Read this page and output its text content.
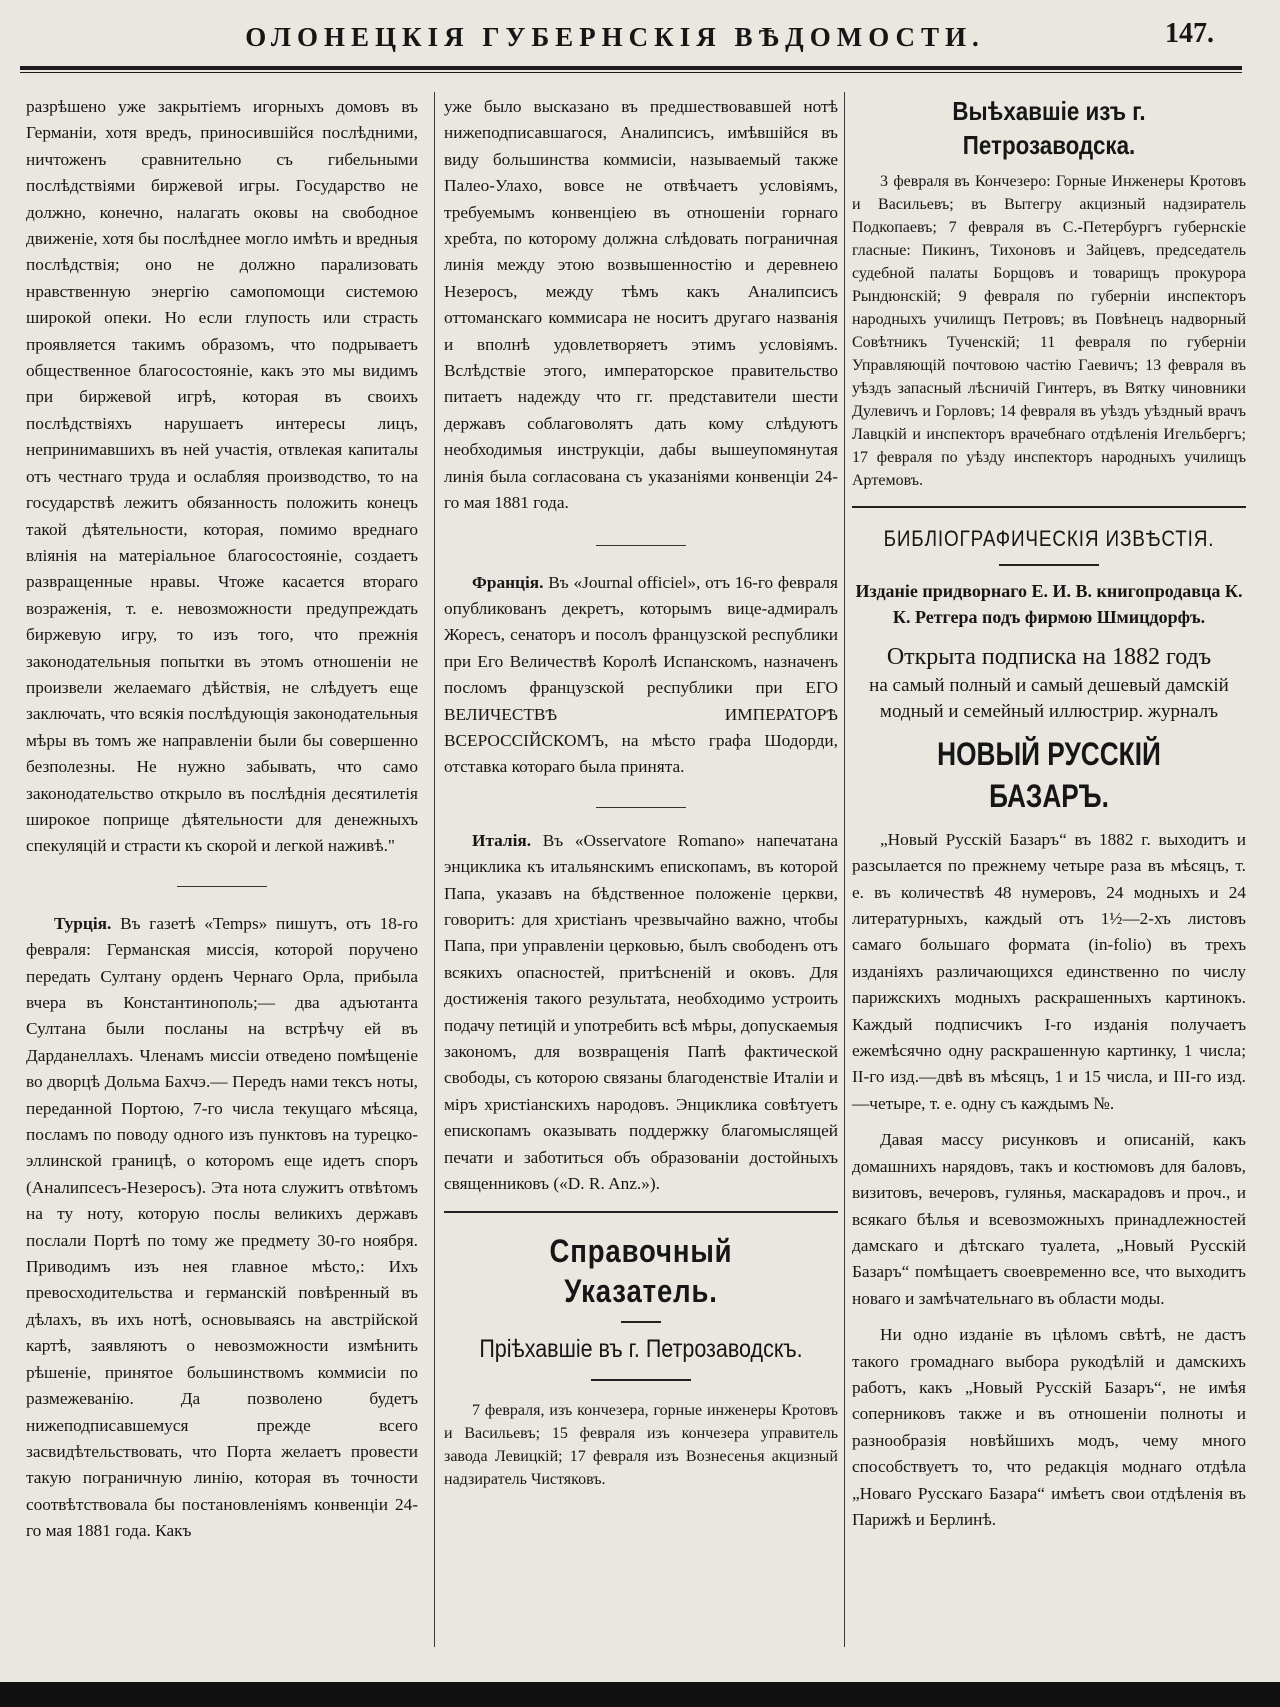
ОЛОНЕЦКІЯ ГУБЕРНСКІЯ ВѢДОМОСТИ.	147.

разрѣшено уже закрытіемъ игорныхъ домовъ въ Германіи, хотя вредъ, приносившійся послѣдними, ничтоженъ сравнительно съ гибельными послѣдствіями биржевой игры. Государство не должно, конечно, налагать оковы на свободное движеніе, хотя бы послѣднее могло имѣть и вредныя послѣдствія; оно не должно парализовать нравственную энергію самопомощи системою широкой опеки. Но если глупость или страсть проявляется такимъ образомъ, что подрываетъ общественное благосостояніе, какъ это мы видимъ при биржевой игрѣ, которая въ своихъ послѣдствіяхъ нарушаетъ интересы лицъ, непринимавшихъ въ ней участія, отвлекая капиталы отъ честнаго труда и ослабляя производство, то на государствѣ лежитъ обязанность положить конецъ такой дѣятельности, которая, помимо вреднаго вліянія на матеріальное благосостояніе, создаетъ развращенные нравы. Чтоже касается втораго возраженія, т. е. невозможности предупреждать биржевую игру, то изъ того, что прежнія законодательныя попытки въ этомъ отношеніи не произвели желаемаго дѣйствія, не слѣдуетъ еще заключать, что всякія послѣдующія законодательныя мѣры въ томъ же направленіи были бы совершенно безполезны. Не нужно забывать, что само законодательство открыло въ послѣднія десятилетія широкое поприще дѣятельности для денежныхъ спекуляцій и страсти къ скорой и легкой наживѣ."

Турція. Въ газетѣ «Temps» пишутъ, отъ 18-го февраля: Германская миссія, которой поручено передать Султану орденъ Чернаго Орла, прибыла вчера въ Константинополь;— два адъютанта Султана были посланы на встрѣчу ей въ Дарданеллахъ. Членамъ миссіи отведено помѣщеніе во дворцѣ Дольма Бахчэ.— Передъ нами тексъ ноты, переданной Портою, 7-го числа текущаго мѣсяца, посламъ по поводу одного изъ пунктовъ на турецко-эллинской границѣ, о которомъ еще идетъ споръ (Аналипсесъ-Незеросъ). Эта нота служитъ отвѣтомъ на ту ноту, которую послы великихъ державъ послали Портѣ по тому же предмету 30-го ноября. Приводимъ изъ нея главное мѣсто,: Ихъ превосходительства и германскій повѣренный въ дѣлахъ, въ ихъ нотѣ, основываясь на австрійской картѣ, заявляютъ о невозможности измѣнить рѣшеніе, принятое большинствомъ коммисіи по размежеванію. Да позволено будетъ нижеподписавшемуся прежде всего засвидѣтельствовать, что Порта желаетъ провести такую пограничную линію, которая въ точности соотвѣтствовала бы постановленіямъ конвенціи 24-го мая 1881 года. Какъ

уже было высказано въ предшествовавшей нотѣ нижеподписавшагося, Аналипсисъ, имѣвшійся въ виду большинства коммисіи, называемый также Палео-Улахо, вовсе не отвѣчаетъ условіямъ, требуемымъ конвенціею въ отношеніи горнаго хребта, по которому должна слѣдовать пограничная линія между этою возвышенностію и деревнею Незеросъ, между тѣмъ какъ Аналипсисъ оттоманскаго коммисара не носитъ другаго названія и вполнѣ удовлетворяетъ этимъ условіямъ. Вслѣдствіе этого, императорское правительство питаетъ надежду что гг. представители шести державъ соблаговолятъ дать кому слѣдуютъ необходимыя инструкціи, дабы вышеупомянутая линія была согласована съ указаніями конвенціи 24-го мая 1881 года.

Франція. Въ «Journal officiel», отъ 16-го февраля опубликованъ декретъ, которымъ вице-адмиралъ Жоресъ, сенаторъ и посолъ французской республики при Его Величествѣ Королѣ Испанскомъ, назначенъ посломъ французской республики при ЕГО ВЕЛИЧЕСТВѢ ИМПЕРАТОРѢ ВСЕРОССІЙСКОМЪ, на мѣсто графа Шодорди, отставка котораго была принята.

Италія. Въ «Osservatore Romano» напечатана энциклика къ итальянскимъ епископамъ, въ которой Папа, указавъ на бѣдственное положеніе церкви, говоритъ: для христіанъ чрезвычайно важно, чтобы Папа, при управленіи церковью, былъ свободенъ отъ всякихъ опасностей, притѣсненій и оковъ. Для достиженія такого результата, необходимо устроить подачу петицій и употребить всѣ мѣры, допускаемыя закономъ, для возвращенія Папѣ фактической свободы, съ которою связаны благоденствіе Италіи и міръ христіанскихъ народовъ. Энциклика совѣтуетъ епископамъ оказывать поддержку благомыслящей печати и заботиться объ образованіи достойныхъ священниковъ («D. R. Anz.»).

Справочный Указатель.
Пріѣхавшіе въ г. Петрозаводскъ.

7 февраля, изъ кончезера, горные инженеры Кротовъ и Васильевъ; 15 февраля изъ кончезера управитель завода Левицкій; 17 февраля изъ Вознесенья акцизный надзиратель Чистяковъ.

Выѣхавшіе изъ г. Петрозаводска.

3 февраля въ Кончезеро: Горные Инженеры Кротовъ и Васильевъ; въ Вытегру акцизный надзиратель Подкопаевъ; 7 февраля въ С.-Петербургъ губернскіе гласные: Пикинъ, Тихоновъ и Зайцевъ, председатель судебной палаты Борщовъ и товарищъ прокурора Рындюнскій; 9 февраля по губерніи инспекторъ народныхъ училищъ Петровъ; въ Повѣнецъ надворный Совѣтникъ Тученскій; 11 февраля по губерніи Управляющій почтовою частію Гаевичъ; 13 февраля въ уѣздъ запасный лѣсничій Гинтеръ, въ Вятку чиновники Дулевичъ и Горловъ; 14 февраля въ уѣздъ уѣздный врачъ Лавцкій и инспекторъ врачебнаго отдѣленія Игельбергъ; 17 февраля по уѣзду инспекторъ народныхъ училищъ Артемовъ.

БИБЛІОГРАФИЧЕСКІЯ ИЗВѢСТІЯ.

Изданіе придворнаго Е. И. В. книгопродавца К. К. Ретгера подъ фирмою Шмицдорфъ.

Открыта подписка на 1882 годъ

на самый полный и самый дешевый дамскій модный и семейный иллюстрир. журналъ

НОВЫЙ РУССКІЙ БАЗАРЪ.

„Новый Русскій Базаръ“ въ 1882 г. выходитъ и разсылается по прежнему четыре раза въ мѣсяцъ, т. е. въ количествѣ 48 нумеровъ, 24 модныхъ и 24 литературныхъ, каждый отъ 1½—2-хъ листовъ самаго большаго формата (in-folio) въ трехъ изданіяхъ различающихся единственно по числу парижскихъ модныхъ раскрашенныхъ картинокъ. Каждый подписчикъ I-го изданія получаетъ ежемѣсячно одну раскрашенную картинку, 1 числа; II-го изд.—двѣ въ мѣсяцъ, 1 и 15 числа, и III-го изд.—четыре, т. е. одну съ каждымъ №.

Давая массу рисунковъ и описаній, какъ домашнихъ нарядовъ, такъ и костюмовъ для баловъ, визитовъ, вечеровъ, гулянья, маскарадовъ и проч., и всякаго бѣлья и всевозможныхъ принадлежностей дамскаго и дѣтскаго туалета, „Новый Русскій Базаръ“ помѣщаетъ своевременно все, что выходитъ новаго и замѣчательнаго въ области моды.

Ни одно изданіе въ цѣломъ свѣтѣ, не дастъ такого громаднаго выбора рукодѣлій и дамскихъ работъ, какъ „Новый Русскій Базаръ“, не имѣя соперниковъ также и въ отношеніи полноты и разнообразія новѣйшихъ модъ, чему много способствуетъ то, что редакція моднаго отдѣла „Новаго Русскаго Базара“ имѣетъ свои отдѣленія въ Парижѣ и Берлинѣ.
